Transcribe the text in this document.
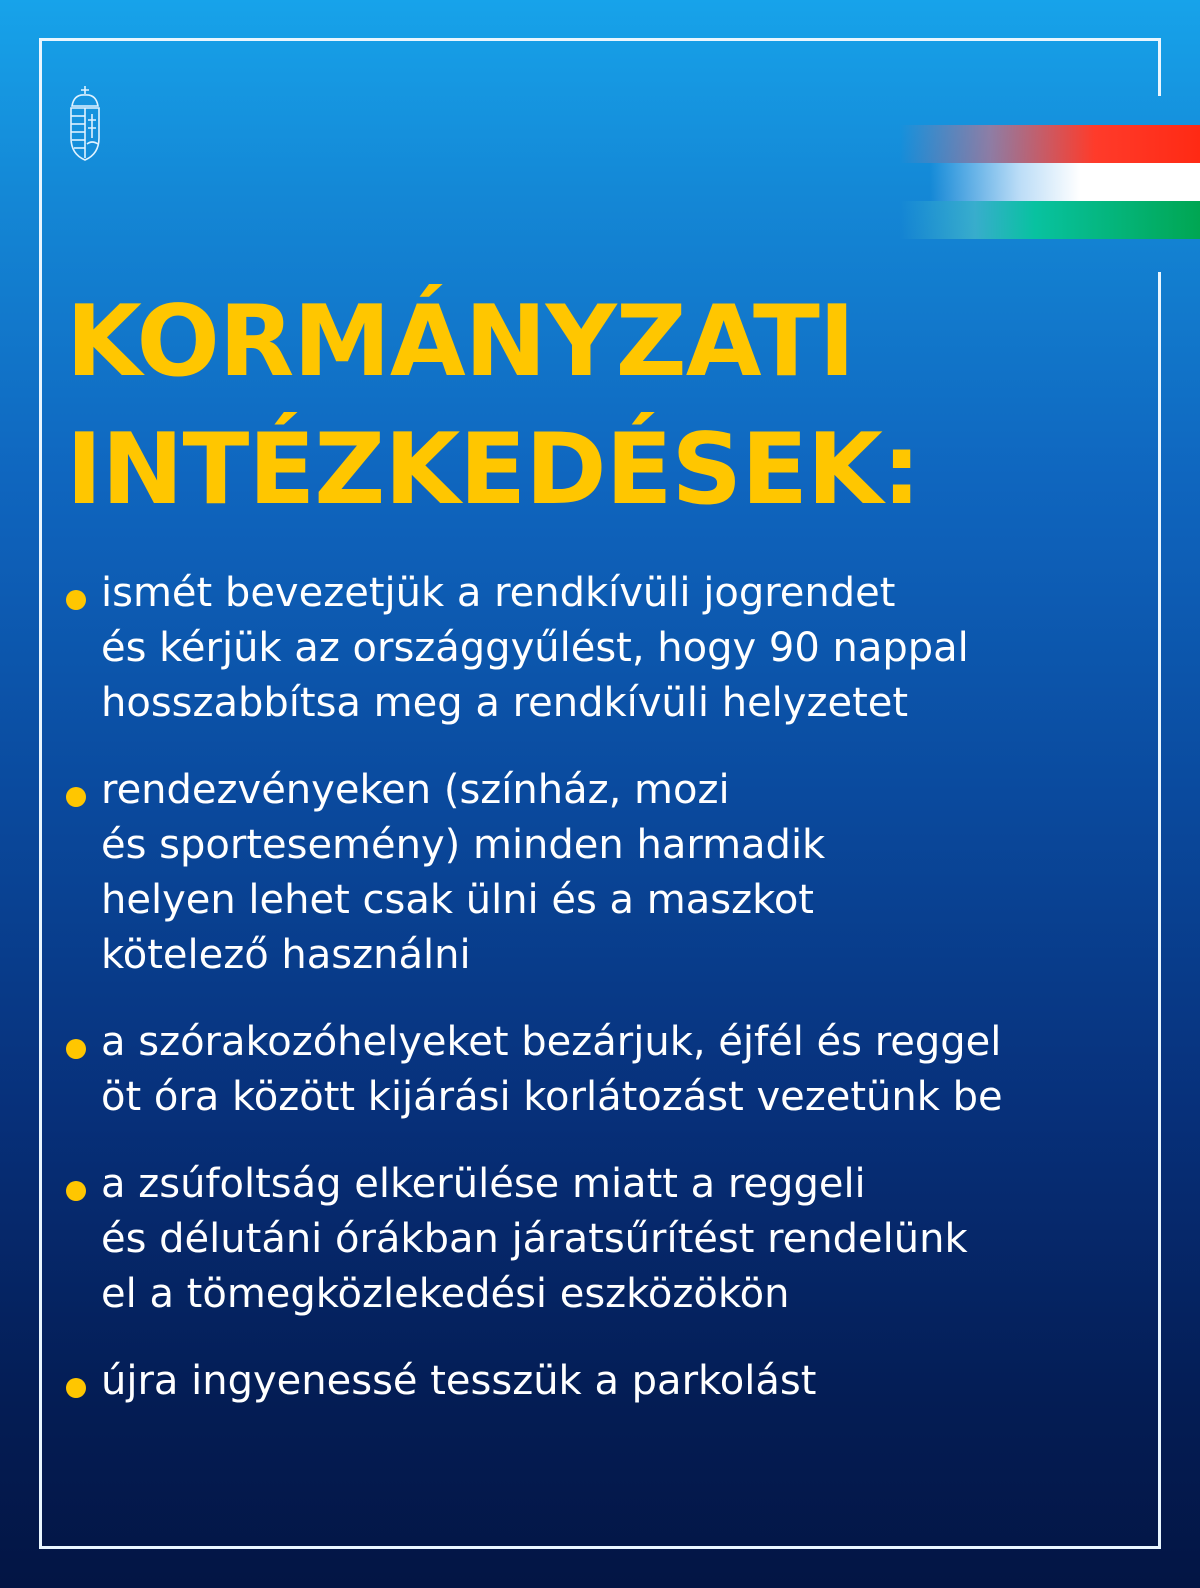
KORMÁNYZATI
INTÉZKEDÉSEK:
ismét bevezetjük a rendkívüli jogrendet
és kérjük az országgyűlést, hogy 90 nappal
hosszabbítsa meg a rendkívüli helyzetet
rendezvényeken (színház, mozi
és sportesemény) minden harmadik
helyen lehet csak ülni és a maszkot
kötelező használni
a szórakozóhelyeket bezárjuk, éjfél és reggel
öt óra között kijárási korlátozást vezetünk be
a zsúfoltság elkerülése miatt a reggeli
és délutáni órákban járatsűrítést rendelünk
el a tömegközlekedési eszközökön
újra ingyenessé tesszük a parkolást
